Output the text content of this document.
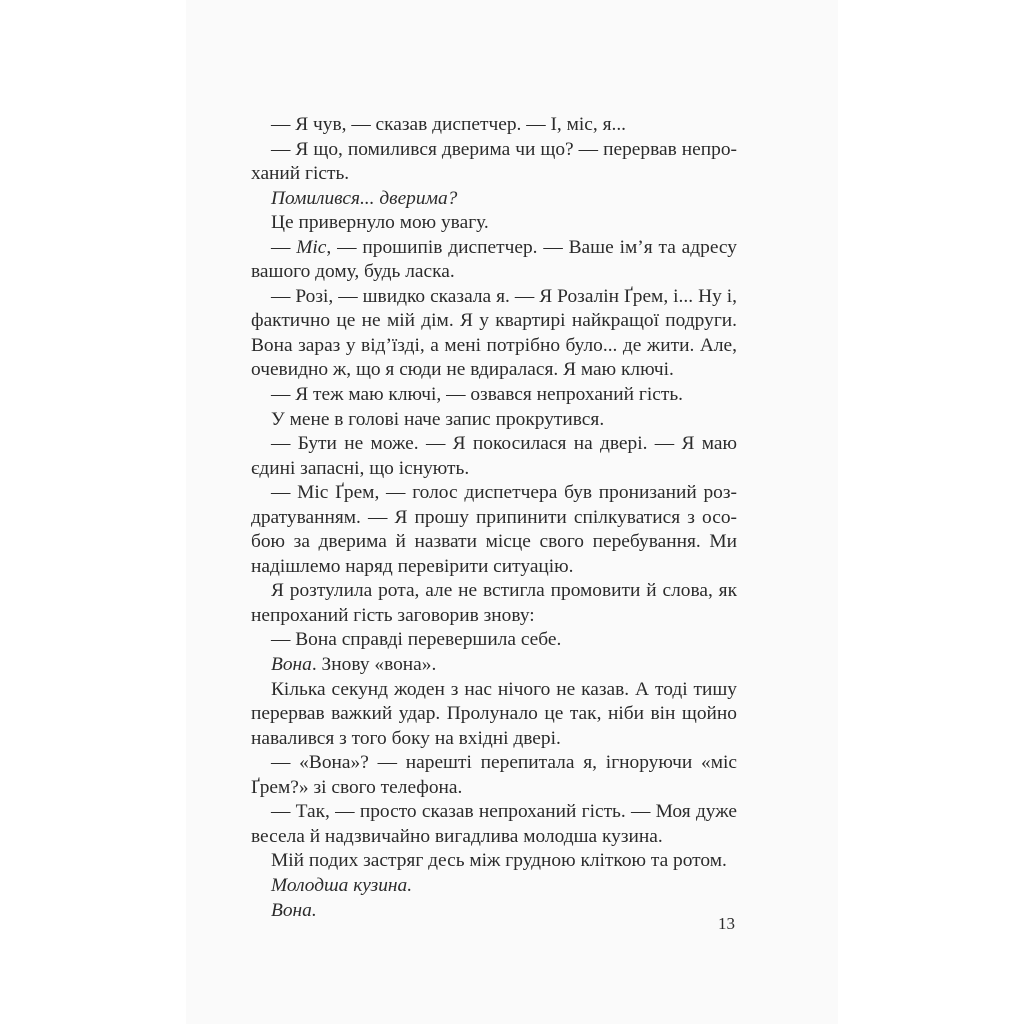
— Я чув, — сказав диспетчер. — І, міс, я...

— Я що, помилився дверима чи що? — перервав непроханий гість.

Помилився... дверима?

Це привернуло мою увагу.

— Міс, — прошипів диспетчер. — Ваше ім’я та адресу вашого дому, будь ласка.

— Розі, — швидко сказала я. — Я Розалін Ґрем, і... Ну і, фактично це не мій дім. Я у квартирі найкращої подруги. Вона зараз у від’їзді, а мені потрібно було... де жити. Але, очевидно ж, що я сюди не вдиралася. Я маю ключі.

— Я теж маю ключі, — озвався непроханий гість.

У мене в голові наче запис прокрутився.

— Бути не може. — Я покосилася на двері. — Я маю єдині запасні, що існують.

— Міс Ґрем, — голос диспетчера був пронизаний роздратуванням. — Я прошу припинити спілкуватися з особою за дверима й назвати місце свого перебування. Ми надішлемо наряд перевірити ситуацію.

Я розтулила рота, але не встигла промовити й слова, як непроханий гість заговорив знову:

— Вона справді перевершила себе.

Вона. Знову «вона».

Кілька секунд жоден з нас нічого не казав. А тоді тишу перервав важкий удар. Пролунало це так, ніби він щойно навалився з того боку на вхідні двері.

— «Вона»? — нарешті перепитала я, ігноруючи «міс Ґрем?» зі свого телефона.

— Так, — просто сказав непроханий гість. — Моя дуже весела й надзвичайно вигадлива молодша кузина.

Мій подих застряг десь між грудною кліткою та ротом.

Молодша кузина.

Вона.

13
